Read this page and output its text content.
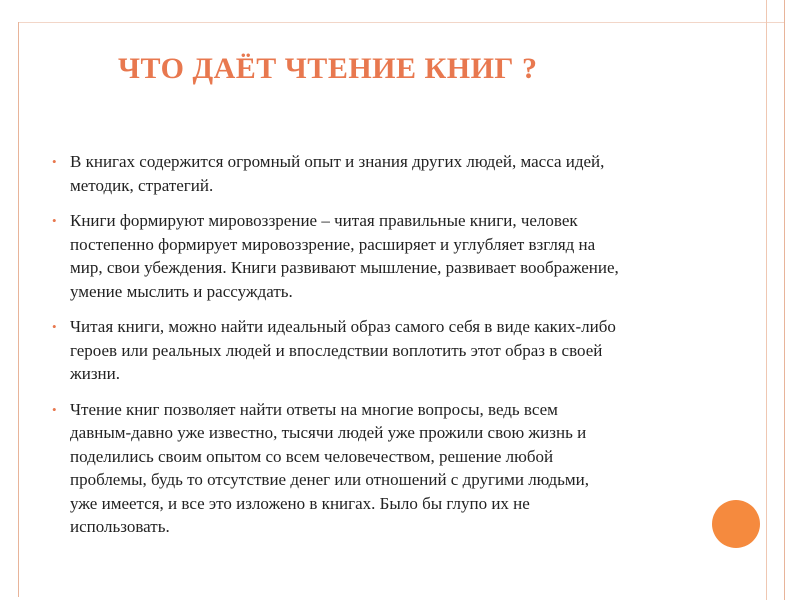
ЧТО ДАЁТ ЧТЕНИЕ КНИГ ?
• В книгах содержится огромный опыт и знания других людей, масса идей,
методик, стратегий.
• Книги формируют мировоззрение – читая правильные книги, человек
постепенно формирует мировоззрение, расширяет и углубляет взгляд на
мир, свои убеждения. Книги развивают мышление, развивает воображение,
умение мыслить и рассуждать.
• Читая книги, можно найти идеальный образ самого себя в виде каких-либо
героев или реальных людей и впоследствии воплотить этот образ в своей
жизни.
• Чтение книг позволяет найти ответы на многие вопросы, ведь всем
давным-давно уже известно, тысячи людей уже прожили свою жизнь и
поделились своим опытом со всем человечеством, решение любой
проблемы, будь то отсутствие денег или отношений с другими людьми,
уже имеется, и все это изложено в книгах. Было бы глупо их не
использовать.
